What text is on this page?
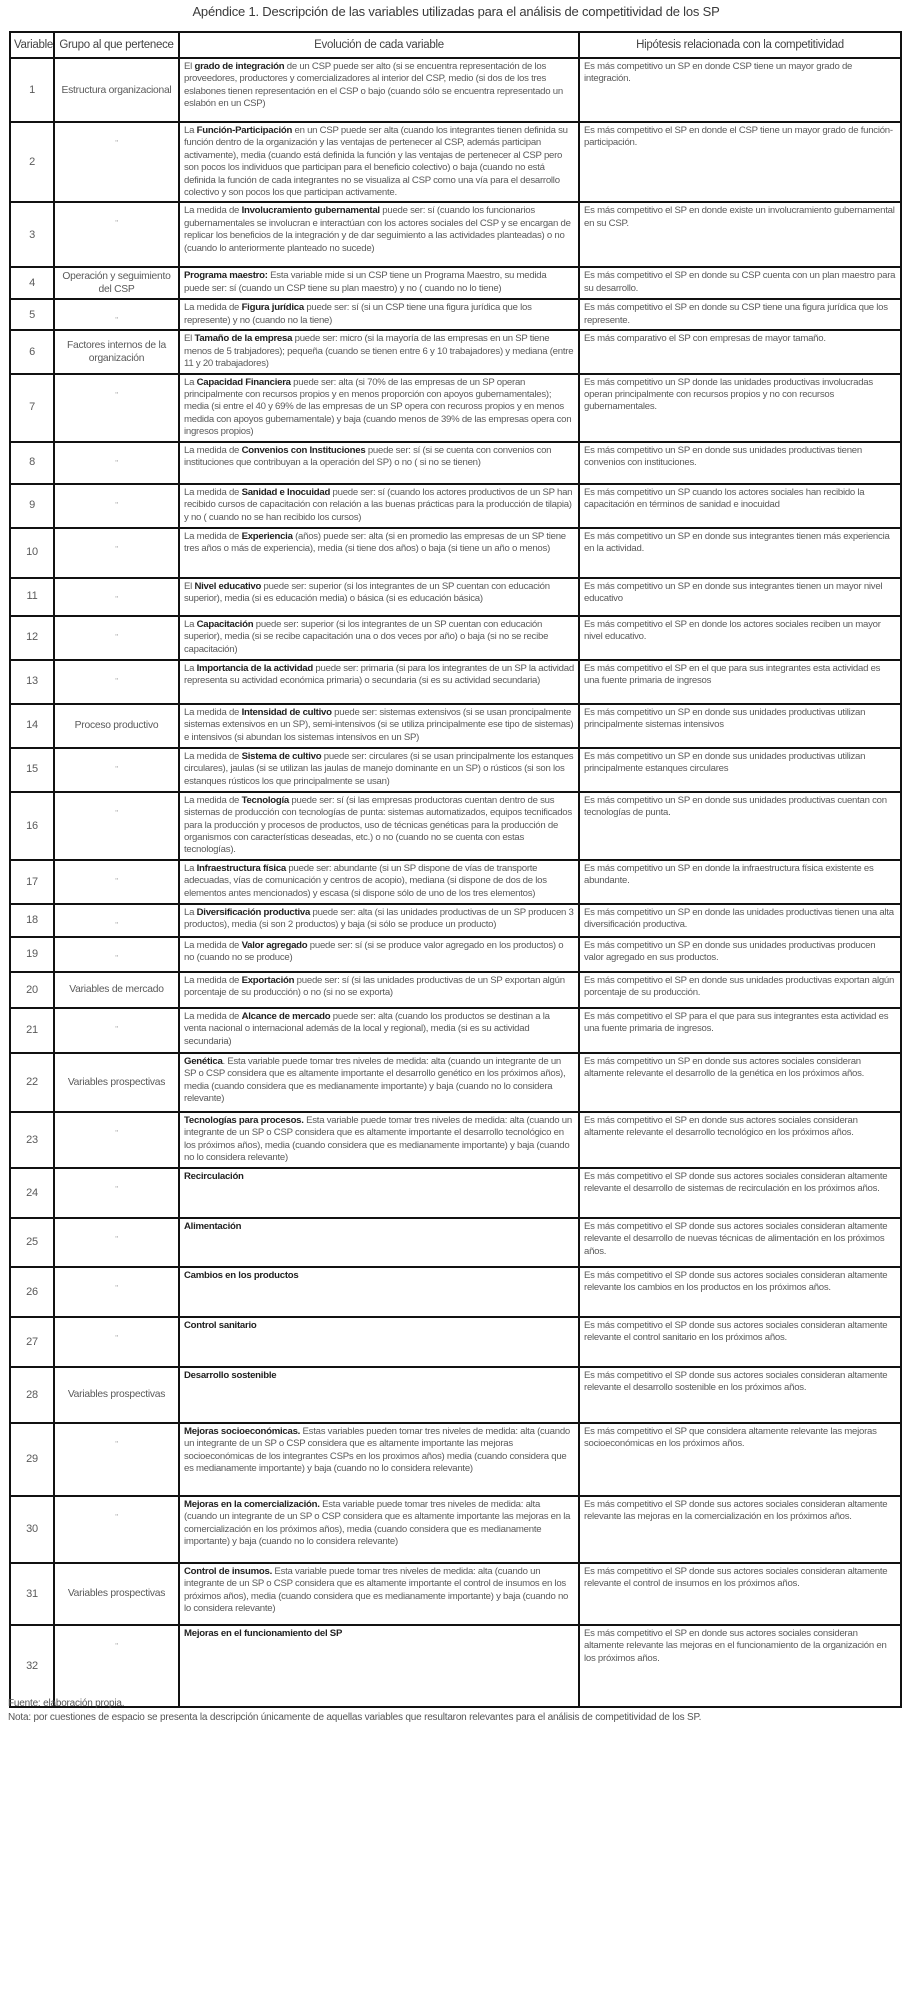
Apéndice 1. Descripción de las variables utilizadas para el análisis de competitividad de los SP
Variable	Grupo al que pertenece	Evolución de cada variable	Hipótesis relacionada con la competitividad
1	Estructura organizacional	El grado de integración de un CSP puede ser alto (si se encuentra representación de los proveedores, productores y comercializadores al interior del CSP, medio (si dos de los tres eslabones tienen representación en el CSP o bajo (cuando sólo se encuentra representado un eslabón en un CSP)	Es más competitivo un SP en donde CSP tiene un mayor grado de integración.
2	"	La Función-Participación en un CSP puede ser alta (cuando los integrantes tienen definida su función dentro de la organización y las ventajas de pertenecer al CSP, además participan activamente), media (cuando está definida la función y las ventajas de pertenecer al CSP pero son pocos los individuos que participan para el beneficio colectivo) o baja (cuando no está definida la función de cada integrantes no se visualiza al CSP como una vía para el desarrollo colectivo y son pocos los que participan activamente.	Es más competitivo el SP en donde el CSP tiene un mayor grado de función-participación.
3	"	La medida de Involucramiento gubernamental puede ser: sí (cuando los funcionarios gubernamentales se involucran e interactúan con los actores sociales del CSP y se encargan de replicar los beneficios de la integración y de dar seguimiento a las actividades planteadas) o no (cuando lo anteriormente planteado no sucede)	Es más competitivo el SP en donde existe un involucramiento gubernamental en su CSP.
4	Operación y seguimiento del CSP	Programa maestro: Esta variable mide si un CSP tiene un Programa Maestro, su medida puede ser: sí (cuando un CSP tiene su plan maestro) y no ( cuando no lo tiene)	Es más competitivo el SP en donde su CSP cuenta con un plan maestro para su desarrollo.
5	"	La medida de Figura jurídica puede ser: sí (si un CSP tiene una figura jurídica que los represente) y no (cuando no la tiene)	Es más competitivo el SP en donde su CSP tiene una figura jurídica que los represente.
6	Factores internos de la organización	El Tamaño de la empresa puede ser: micro (si la mayoría de las empresas en un SP tiene menos de 5 trabjadores); pequeña (cuando se tienen entre 6 y 10 trabajadores) y mediana (entre 11 y 20 trabajadores)	Es más comparativo el SP con empresas de mayor tamaño.
7	"	La Capacidad Financiera puede ser: alta (si 70% de las empresas de un SP operan principalmente con recursos propios y en menos proporción con apoyos gubernamentales); media (si entre el 40 y 69% de las empresas de un SP opera con recuross propios y en menos medida con apoyos gubernamentale) y baja (cuando menos de 39% de las empresas opera con ingresos propios)	Es más competitivo un SP donde las unidades productivas involucradas operan principalmente con recursos propios y no con recursos gubernamentales.
8	"	La medida de Convenios con Instituciones puede ser: sí (si se cuenta con convenios con instituciones que contribuyan a la operación del SP) o no ( si no se tienen)	Es más competitivo un SP en donde sus unidades productivas tienen convenios con instituciones.
9	"	La medida de Sanidad e Inocuidad puede ser: sí (cuando los actores productivos de un SP han recibido cursos de capacitación con relación a las buenas prácticas para la producción de tilapia) y no ( cuando no se han recibido los cursos)	Es más competitivo un SP cuando los actores sociales han recibido la capacitación en términos de sanidad e inocuidad
10	"	La medida de Experiencia (años) puede ser: alta (si en promedio las empresas de un SP tiene tres años o más de experiencia), media (si tiene dos años) o baja (si tiene un año o menos)	Es más competitivo un SP en donde sus integrantes tienen más experiencia en la actividad.
11	"	El Nivel educativo puede ser: superior (si los integrantes de un SP cuentan con educación superior), media (si es educación media) o básica (si es educación básica)	Es más competitivo un SP en donde sus integrantes tienen un mayor nivel educativo
12	"	La Capacitación puede ser: superior (si los integrantes de un SP cuentan con educación superior), media (si se recibe capacitación una o dos veces por año) o baja (si no se recibe capacitación)	Es más competitivo el SP en donde los actores sociales reciben un mayor nivel educativo.
13	"	La Importancia de la actividad puede ser: primaria (si para los integrantes de un SP la actividad representa su actividad económica primaria) o secundaria (si es su actividad secundaria)	Es más competitivo el SP en el que para sus integrantes esta actividad es una fuente primaria de ingresos
14	Proceso productivo	La medida de Intensidad de cultivo puede ser: sistemas extensivos (si se usan proncipalmente sistemas extensivos en un SP), semi-intensivos (si se utiliza principalmente ese tipo de sistemas) e intensivos (si abundan los sistemas intensivos en un SP)	Es más competitivo un SP en donde sus unidades productivas utilizan principalmente sistemas intensivos
15	"	La medida de Sistema de cultivo puede ser: circulares (si se usan principalmente los estanques circulares), jaulas (si se utilizan las jaulas de manejo dominante en un SP) o rústicos (si son los estanques rústicos los que principalmente se usan)	Es más competitivo un SP en donde sus unidades productivas utilizan principalmente estanques circulares
16	"	La medida de Tecnología puede ser: sí (si las empresas productoras cuentan dentro de sus sistemas de producción con tecnologías de punta: sistemas automatizados, equipos tecnificados para la producción y procesos de productos, uso de técnicas genéticas para la producción de organismos con características deseadas, etc.) o no (cuando no se cuenta con estas tecnologías).	Es más competitivo un SP en donde sus unidades productivas cuentan con tecnologías de punta.
17	"	La Infraestructura física puede ser: abundante (si un SP dispone de vías de transporte adecuadas, vías de comunicación y centros de acopio), mediana (si dispone de dos de los elementos antes mencionados) y escasa (si dispone sólo de uno de los tres elementos)	Es más competitivo un SP en donde la infraestructura física existente es abundante.
18	"	La Diversificación productiva puede ser: alta (si las unidades productivas de un SP producen 3 productos), media (si son 2 productos) y baja (si sólo se produce un producto)	Es más competitivo un SP en donde las unidades productivas tienen una alta diversificación productiva.
19	"	La medida de Valor agregado puede ser: sí (si se produce valor agregado en los productos) o no (cuando no se produce)	Es más competitivo un SP en donde sus unidades productivas producen valor agregado en sus productos.
20	Variables de mercado	La medida de Exportación puede ser: sí (si las unidades productivas de un SP exportan algún porcentaje de su producción) o no (si no se exporta)	Es más competitivo el SP en donde sus unidades productivas exportan algún porcentaje de su producción.
21	"	La medida de Alcance de mercado puede ser: alta (cuando los productos se destinan a la venta nacional o internacional además de la local y regional), media (si es su actividad secundaria)	Es más competitivo el SP para el que para sus integrantes esta actividad es una fuente primaria de ingresos.
22	Variables prospectivas	Genética. Esta variable puede tomar tres niveles de medida: alta (cuando un integrante de un SP o CSP considera que es altamente importante el desarrollo genético en los próximos años), media (cuando considera que es medianamente importante) y baja (cuando no lo considera relevante)	Es más competitivo un SP en donde sus actores sociales consideran altamente relevante el desarrollo de la genética en los próximos años.
23	"	Tecnologías para procesos. Esta variable puede tomar tres niveles de medida: alta (cuando un integrante de un SP o CSP considera que es altamente importante el desarrollo tecnológico en los próximos años), media (cuando considera que es medianamente importante) y baja (cuando no lo considera relevante)	Es más competitivo el SP en donde sus actores sociales consideran altamente relevante el desarrollo tecnológico en los próximos años.
24	"	Recirculación	Es más competitivo el SP donde sus actores sociales consideran altamente relevante el desarrollo de sistemas de recirculación en los próximos años.
25	"	Alimentación	Es más competitivo el SP donde sus actores sociales consideran altamente relevante el desarrollo de nuevas técnicas de alimentación en los próximos años.
26	"	Cambios en los productos	Es más competitivo el SP donde sus actores sociales consideran altamente relevante los cambios en los productos en los próximos años.
27	"	Control sanitario	Es más competitivo el SP donde sus actores sociales consideran altamente relevante el control sanitario en los próximos años.
28	Variables prospectivas	Desarrollo sostenible	Es más competitivo el SP donde sus actores sociales consideran altamente relevante el desarrollo sostenible en los próximos años.
29	"	Mejoras socioeconómicas. Estas variables pueden tomar tres niveles de medida: alta (cuando un integrante de un SP o CSP considera que es altamente importante las mejoras socioeconómicas de los integrantes CSPs en los proximos años) media (cuando considera que es medianamente importante) y baja (cuando no lo considera relevante)	Es más competitivo el SP que considera altamente relevante las mejoras socioeconómicas en los próximos años.
30	"	Mejoras en la comercialización. Esta variable puede tomar tres niveles de medida: alta (cuando un integrante de un SP o CSP considera que es altamente importante las mejoras en la comercialización en los próximos años), media (cuando considera que es medianamente importante) y baja (cuando no lo considera relevante)	Es más competitivo el SP donde sus actores sociales consideran altamente relevante las mejoras en la comercialización en los próximos años.
31	Variables prospectivas	Control de insumos. Esta variable puede tomar tres niveles de medida: alta (cuando un integrante de un SP o CSP considera que es altamente importante el control de insumos en los próximos años), media (cuando considera que es medianamente importante) y baja (cuando no lo considera relevante)	Es más competitivo el SP donde sus actores sociales consideran altamente relevante el control de insumos en los próximos años.
32	"	Mejoras en el funcionamiento del SP	Es más competitivo el SP en donde sus actores sociales consideran altamente relevante las mejoras en el funcionamiento de la organización en los próximos años.
Fuente: elaboración propia.
Nota: por cuestiones de espacio se presenta la descripción únicamente de aquellas variables que resultaron relevantes para el análisis de competitividad de los SP.
